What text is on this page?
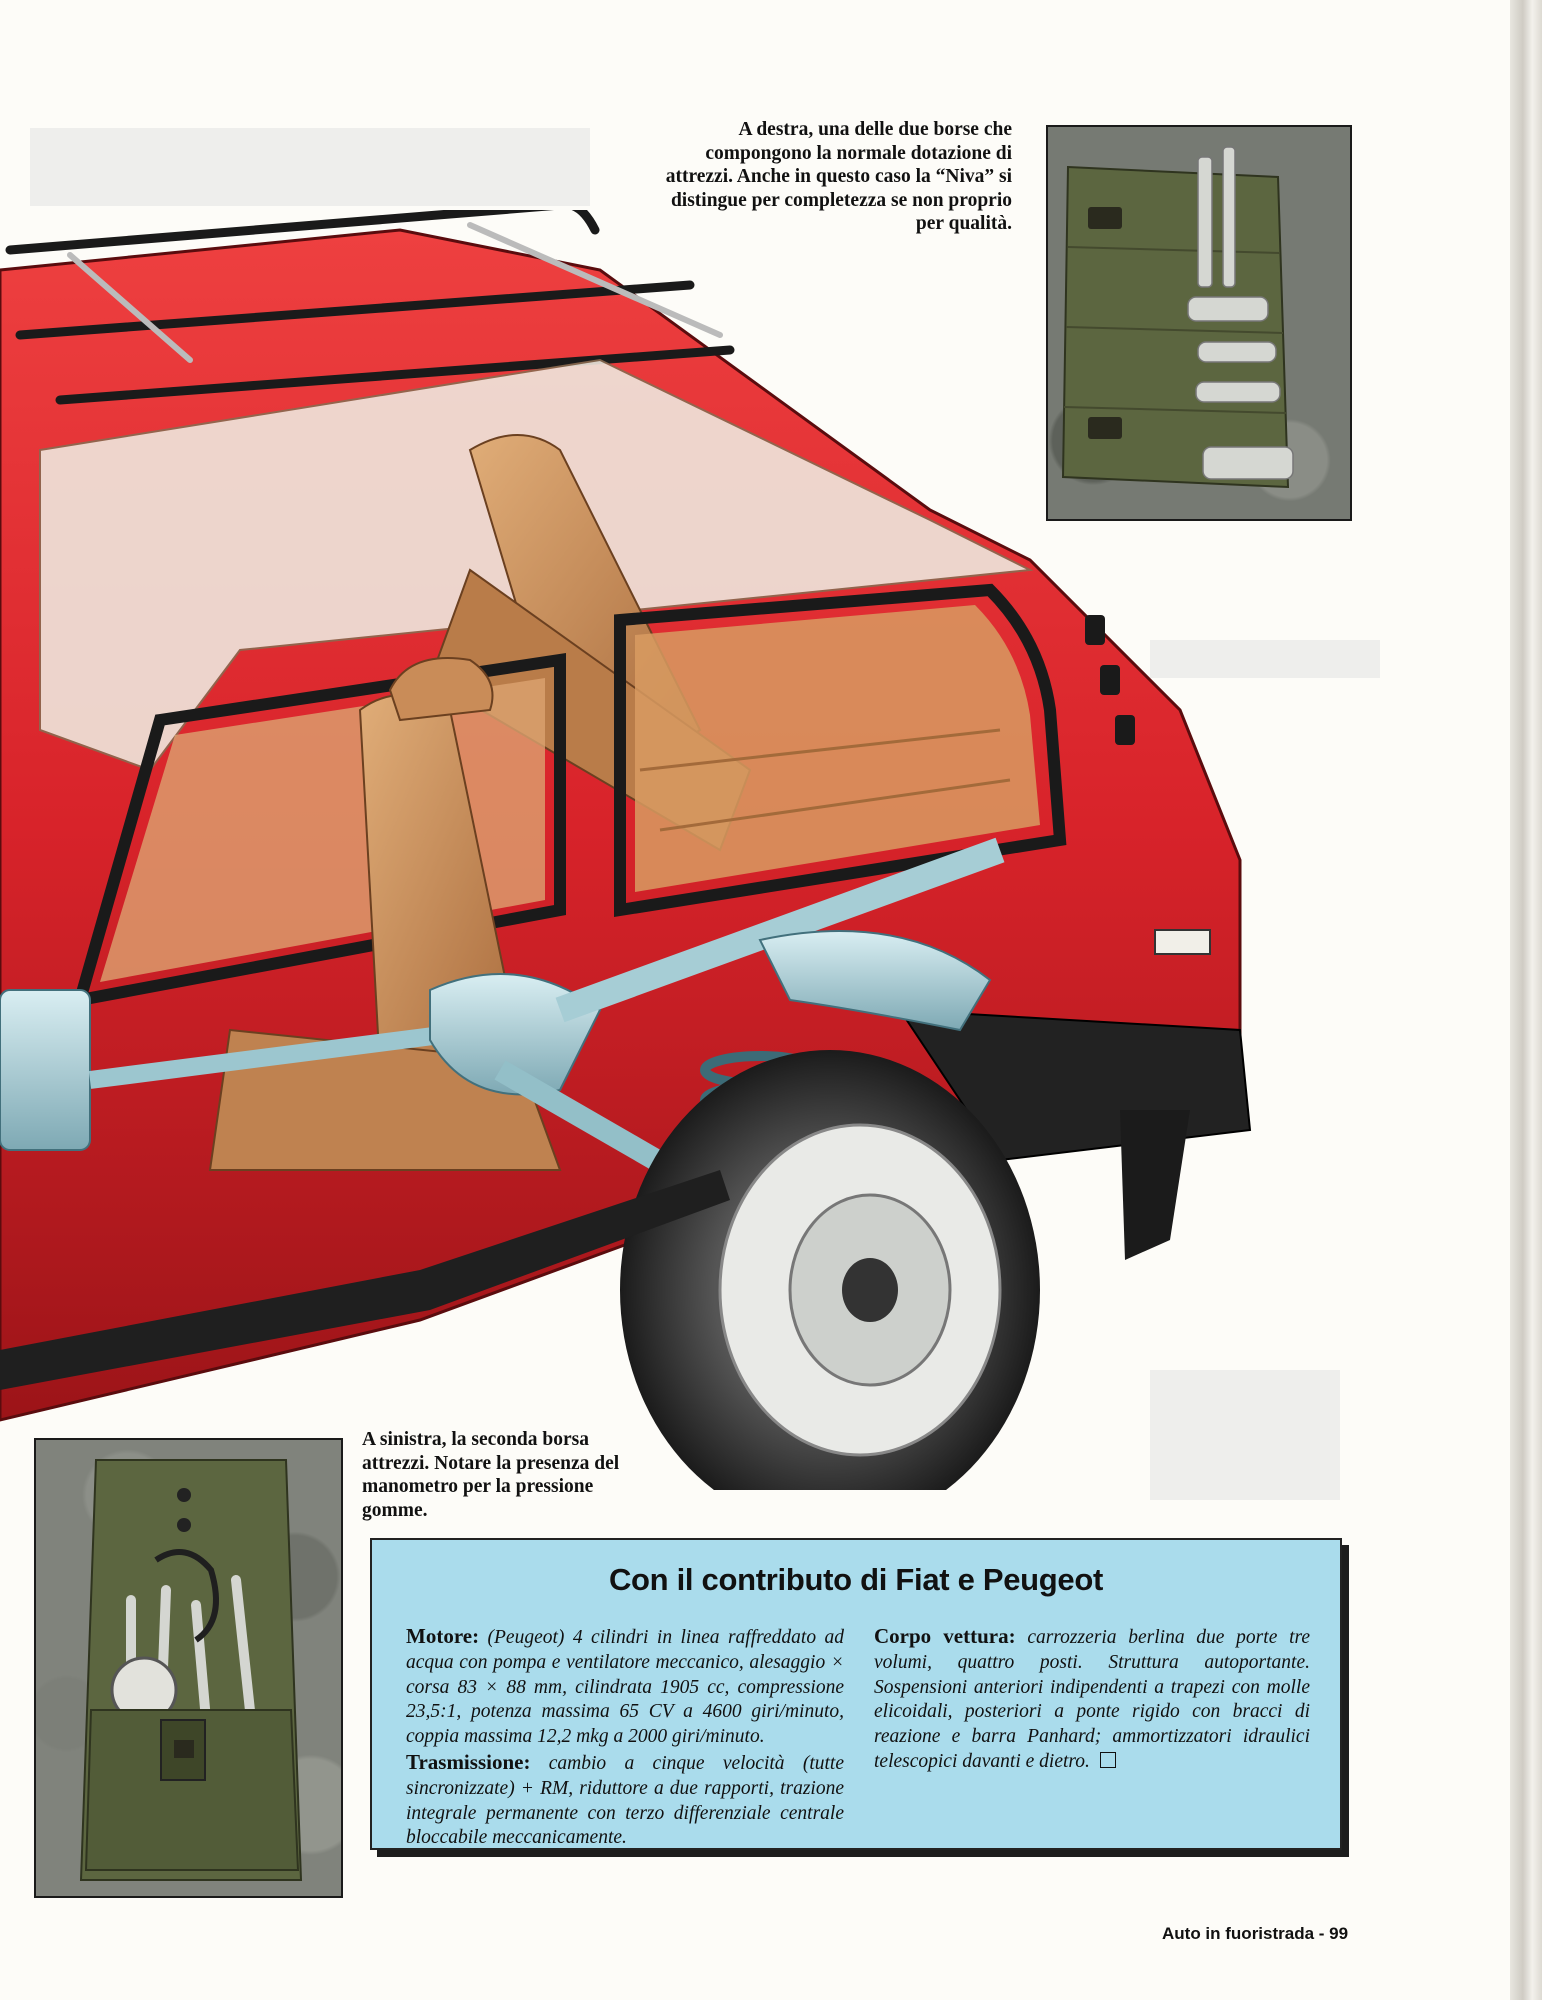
A destra, una delle due borse che compongono la normale dotazione di attrezzi. Anche in questo caso la “Niva” si distingue per completezza se non proprio per qualità.
A sinistra, la seconda borsa attrezzi. Notare la presenza del manometro per la pressione gomme.
Con il contributo di Fiat e Peugeot

Motore: (Peugeot) 4 cilindri in linea raffreddato ad acqua con pompa e ventilatore meccanico, alesaggio × corsa 83 × 88 mm, cilindrata 1905 cc, compressione 23,5:1, potenza massima 65 CV a 4600 giri/minuto, coppia massima 12,2 mkg a 2000 giri/minuto.

Trasmissione: cambio a cinque velocità (tutte sincronizzate) + RM, riduttore a due rapporti, trazione integrale permanente con terzo differenziale centrale bloccabile meccanicamente.

Corpo vettura: carrozzeria berlina due porte tre volumi, quattro posti. Struttura autoportante. Sospensioni anteriori indipendenti a trapezi con molle elicoidali, posteriori a ponte rigido con bracci di reazione e barra Panhard; ammortizzatori idraulici telescopici davanti e dietro.

Auto in fuoristrada - 99
